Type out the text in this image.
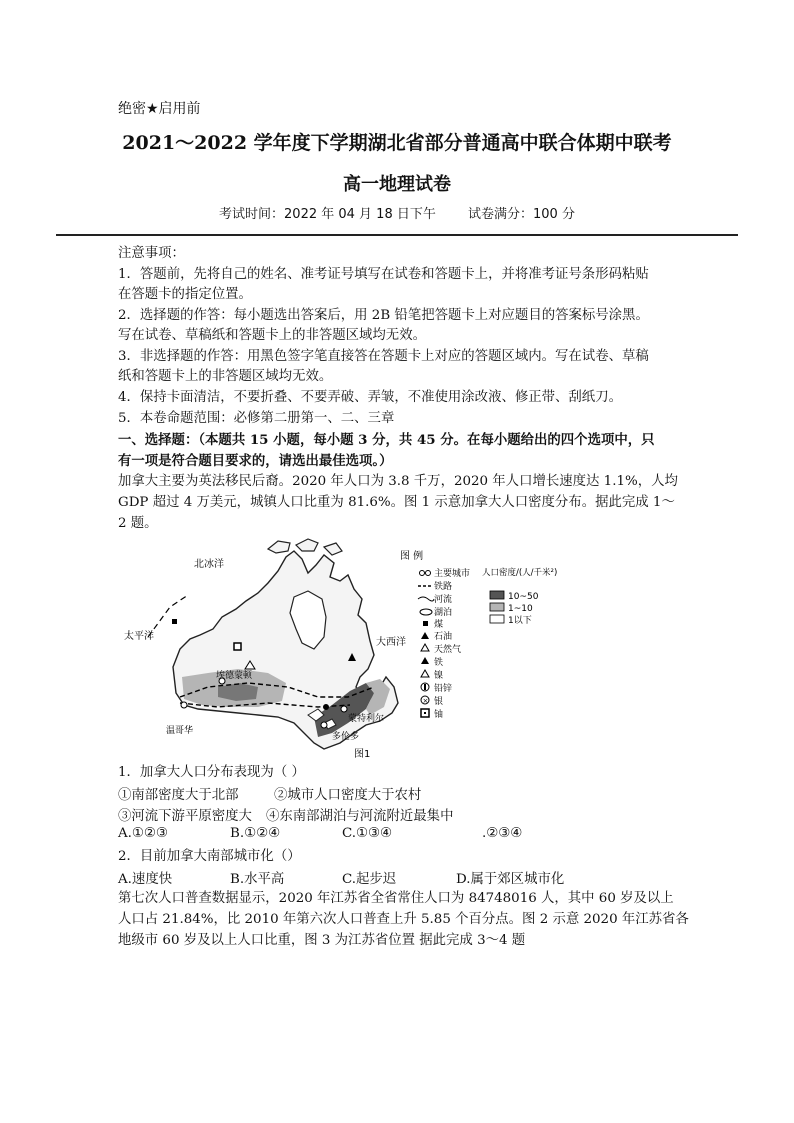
绝密★启用前
2021～2022 学年度下学期湖北省部分普通高中联合体期中联考
高一地理试卷
考试时间：2022 年 04 月 18 日下午 试卷满分：100 分
注意事项：
1．答题前，先将自己的姓名、准考证号填写在试卷和答题卡上，并将准考证号条形码粘贴
在答题卡的指定位置。
2．选择题的作答：每小题选出答案后，用 2B 铅笔把答题卡上对应题目的答案标号涂黑。
写在试卷、草稿纸和答题卡上的非答题区域均无效。
3．非选择题的作答：用黑色签字笔直接答在答题卡上对应的答题区域内。写在试卷、草稿
纸和答题卡上的非答题区域均无效。
4．保持卡面清洁，不要折叠、不要弄破、弄皱，不准使用涂改液、修正带、刮纸刀。
5．本卷命题范围：必修第二册第一、二、三章
一、选择题：（本题共 15 小题，每小题 3 分，共 45 分。在每小题给出的四个选项中，只
有一项是符合题目要求的，请选出最佳选项。）
加拿大主要为英法移民后裔。2020 年人口为 3.8 千万，2020 年人口增长速度达 1.1%，人均
GDP 超过 4 万美元，城镇人口比重为 81.6%。图 1 示意加拿大人口密度分布。据此完成 1～
2 题。
北冰洋
太平洋
大西洋
埃德蒙顿
温哥华
蒙特利尔
多伦多
图1
图 例
主要城市
铁路
河流
湖泊
煤
石油
天然气
铁
镍
铅锌
× 银
铀
人口密度/(人/千米²)
10~50
1~10
1以下
1．加拿大人口分布表现为（ ）
①南部密度大于北部	②城市人口密度大于农村
③河流下游平原密度大 ④东南部湖泊与河流附近最集中
A.①②③	B.①②④	C.①③④	.②③④
2．目前加拿大南部城市化（）
A.速度快	B.水平高	C.起步迟	D.属于郊区城市化
第七次人口普查数据显示，2020 年江苏省全省常住人口为 84748016 人，其中 60 岁及以上
人口占 21.84%，比 2010 年第六次人口普查上升 5.85 个百分点。图 2 示意 2020 年江苏省各
地级市 60 岁及以上人口比重，图 3 为江苏省位置 据此完成 3～4 题
